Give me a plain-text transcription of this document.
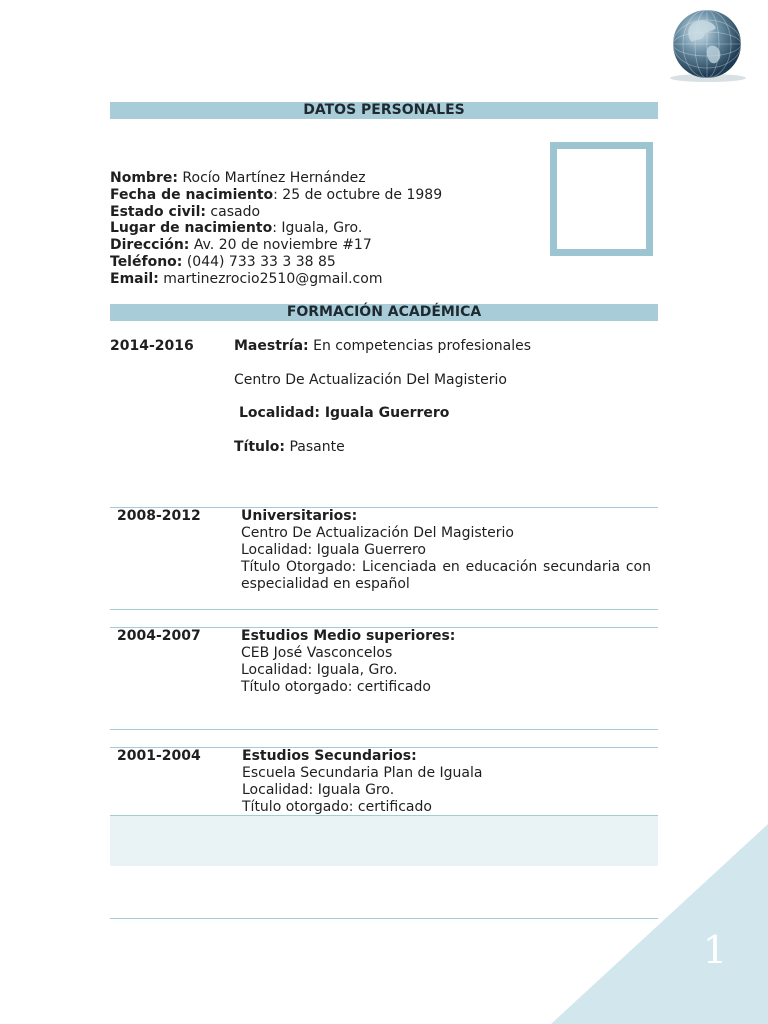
DATOS PERSONALES
Nombre: Rocío Martínez Hernández
Fecha de nacimiento: 25 de octubre de 1989
Estado civil: casado
Lugar de nacimiento: Iguala, Gro.
Dirección: Av. 20 de noviembre #17
Teléfono: (044) 733 33 3 38 85
Email: martinezrocio2510@gmail.com
FORMACIÓN ACADÉMICA
2014-2016	Maestría: En competencias profesionales
Centro De Actualización Del Magisterio
Localidad: Iguala Guerrero
Título: Pasante
2008-2012	Universitarios:
Centro De Actualización Del Magisterio
Localidad: Iguala Guerrero
Título Otorgado: Licenciada en educación secundaria con especialidad en español
2004-2007	Estudios Medio superiores:
CEB José Vasconcelos
Localidad: Iguala, Gro.
Título otorgado: certificado
2001-2004	Estudios Secundarios:
Escuela Secundaria Plan de Iguala
Localidad: Iguala Gro.
Título otorgado: certificado
1
